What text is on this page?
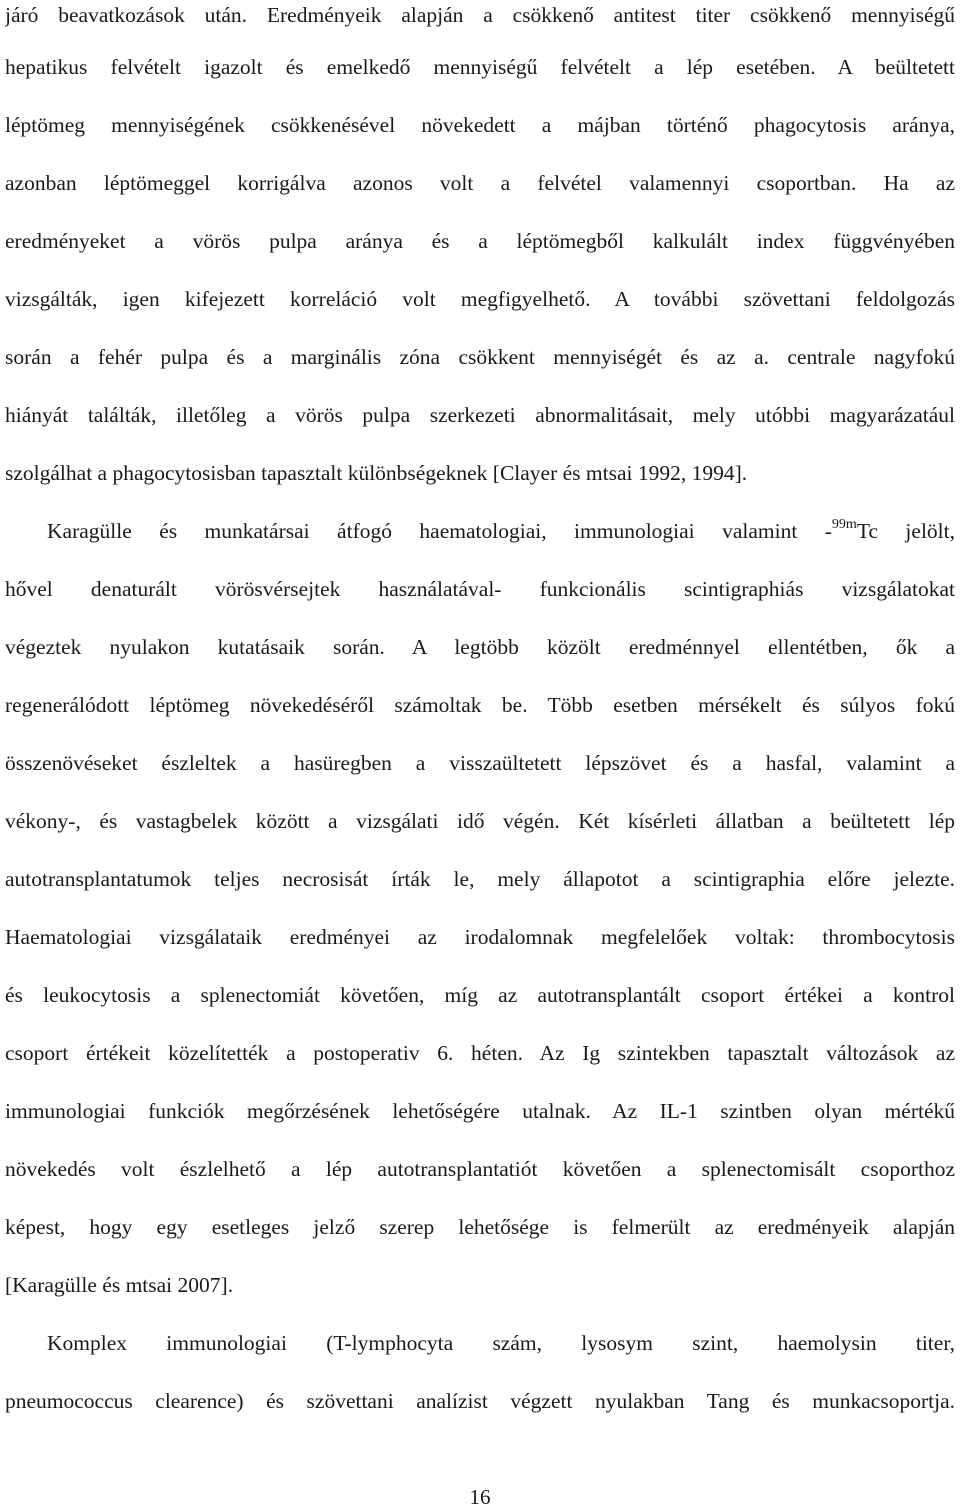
járó beavatkozások után. Eredményeik alapján a csökkenő antitest titer csökkenő mennyiségű
hepatikus felvételt igazolt és emelkedő mennyiségű felvételt a lép esetében. A beültetett
léptömeg mennyiségének csökkenésével növekedett a májban történő phagocytosis aránya,
azonban léptömeggel korrigálva azonos volt a felvétel valamennyi csoportban. Ha az
eredményeket a vörös pulpa aránya és a léptömegből kalkulált index függvényében
vizsgálták, igen kifejezett korreláció volt megfigyelhető. A további szövettani feldolgozás
során a fehér pulpa és a marginális zóna csökkent mennyiségét és az a. centrale nagyfokú
hiányát találták, illetőleg a vörös pulpa szerkezeti abnormalitásait, mely utóbbi magyarázatául
szolgálhat a phagocytosisban tapasztalt különbségeknek [Clayer és mtsai 1992, 1994].
Karagülle és munkatársai átfogó haematologiai, immunologiai valamint -$^{99m}$Tc jelölt,
hővel denaturált vörösvérsejtek használatával- funkcionális scintigraphiás vizsgálatokat
végeztek nyulakon kutatásaik során. A legtöbb közölt eredménnyel ellentétben, ők a
regenerálódott léptömeg növekedéséről számoltak be. Több esetben mérsékelt és súlyos fokú
összenövéseket észleltek a hasüregben a visszaültetett lépszövet és a hasfal, valamint a
vékony-, és vastagbelek között a vizsgálati idő végén. Két kísérleti állatban a beültetett lép
autotransplantatumok teljes necrosisát írták le, mely állapotot a scintigraphia előre jelezte.
Haematologiai vizsgálataik eredményei az irodalomnak megfelelőek voltak: thrombocytosis
és leukocytosis a splenectomiát követően, míg az autotransplantált csoport értékei a kontrol
csoport értékeit közelítették a postoperativ 6. héten. Az Ig szintekben tapasztalt változások az
immunologiai funkciók megőrzésének lehetőségére utalnak. Az IL-1 szintben olyan mértékű
növekedés volt észlelhető a lép autotransplantatiót követően a splenectomisált csoporthoz
képest, hogy egy esetleges jelző szerep lehetősége is felmerült az eredményeik alapján
[Karagülle és mtsai 2007].
Komplex immunologiai (T-lymphocyta szám, lysosym szint, haemolysin titer,
pneumococcus clearence) és szövettani analízist végzett nyulakban Tang és munkacsoportja.
16
